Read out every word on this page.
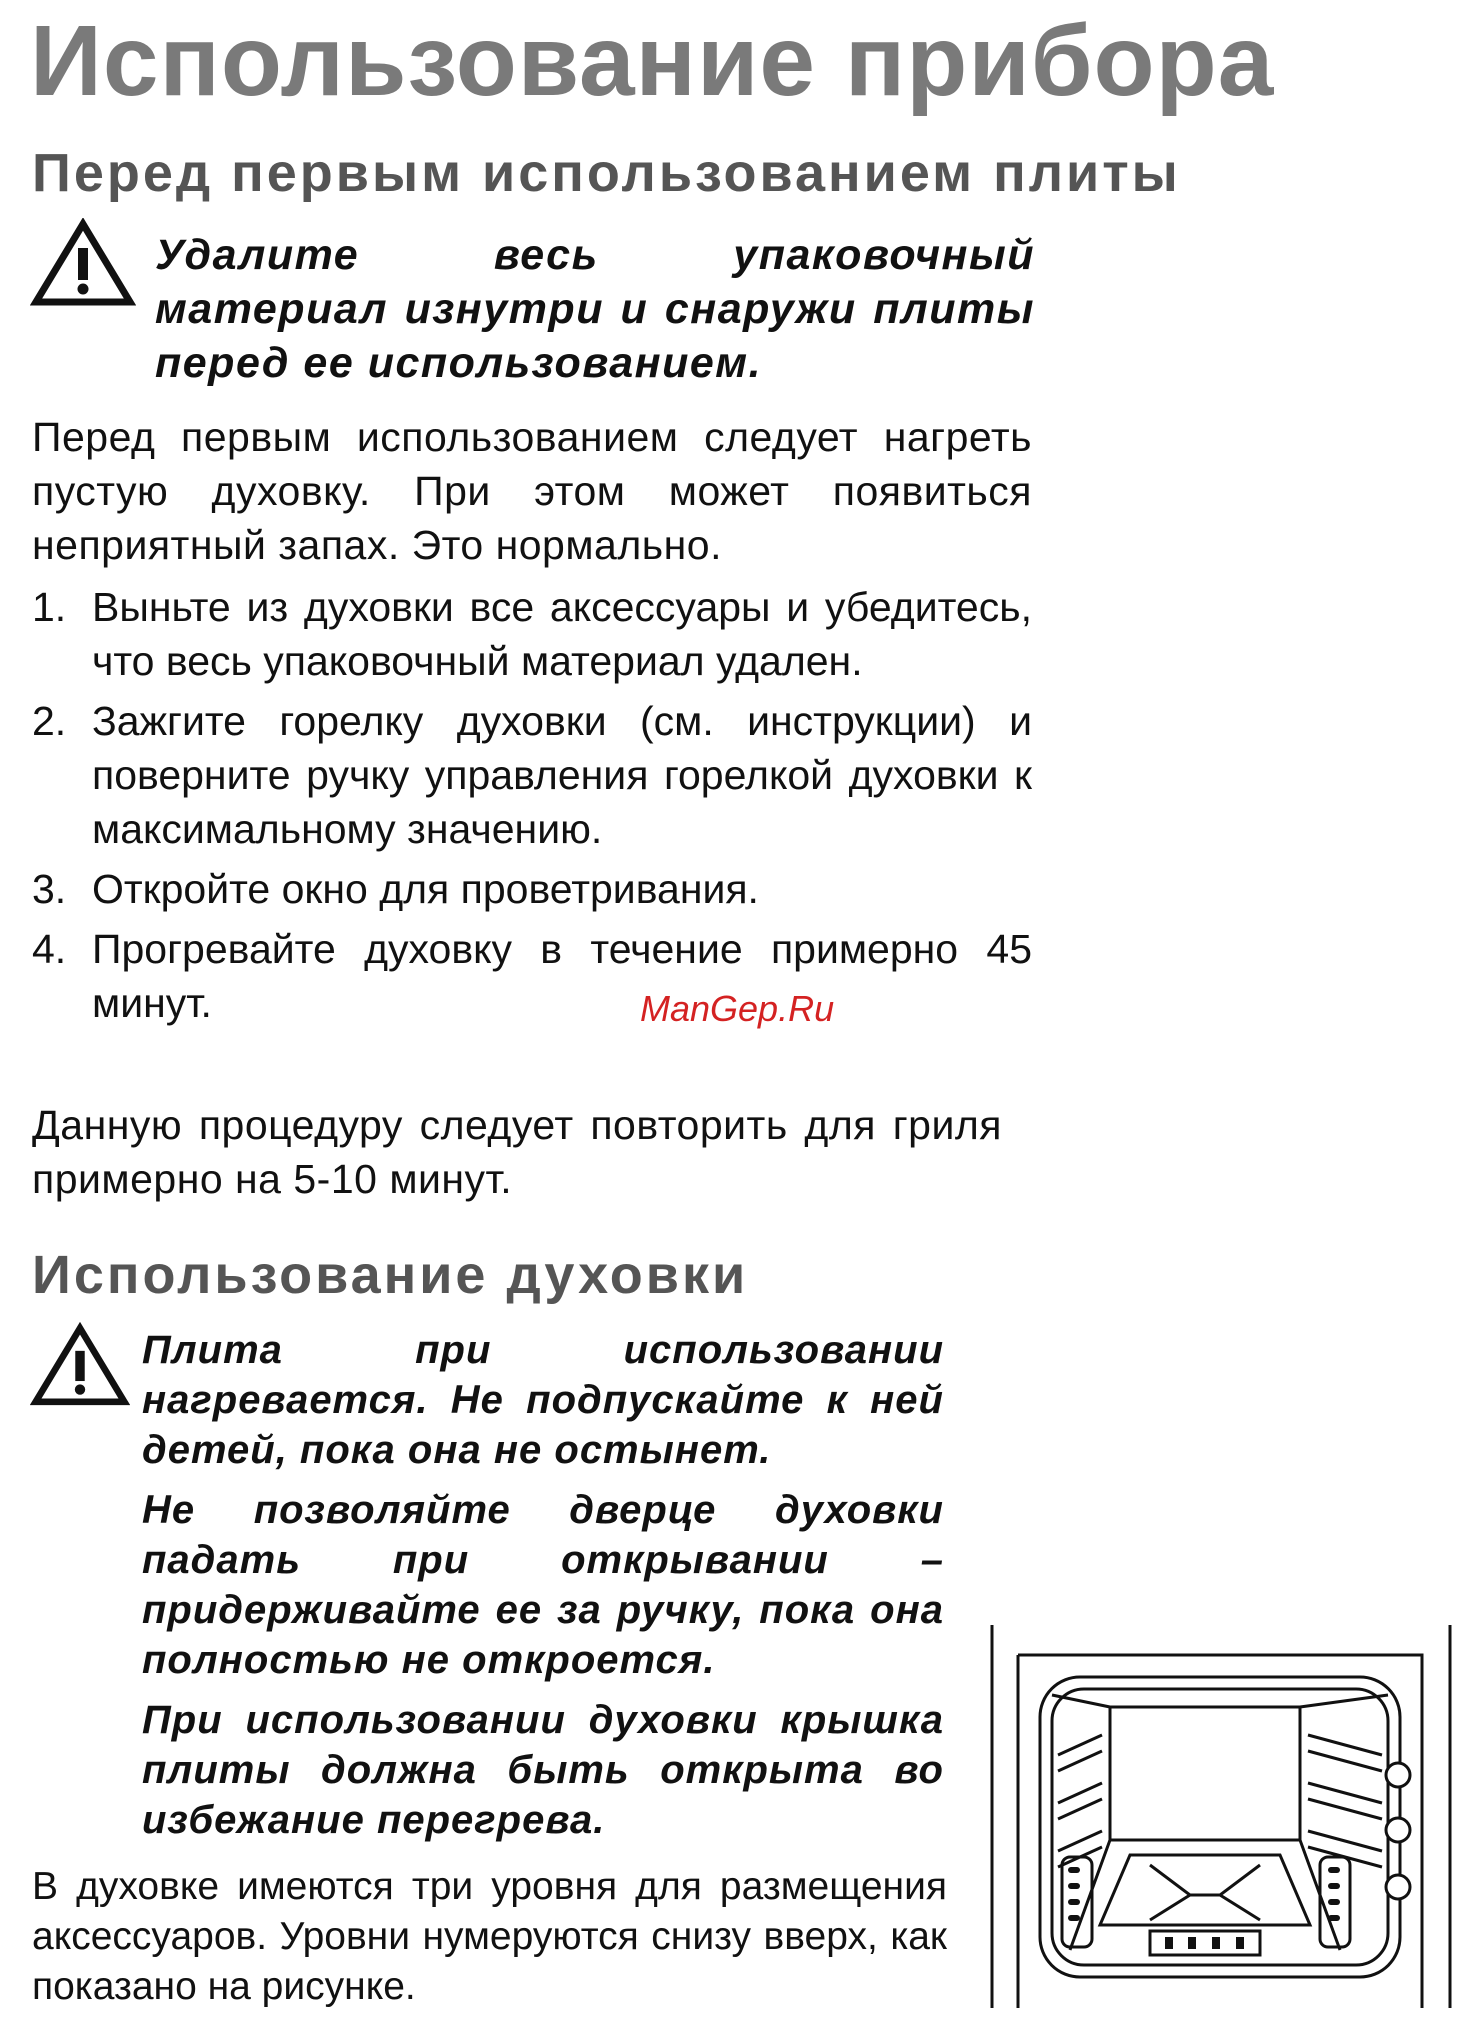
Использование прибора
Перед первым использованием плиты

Удалите весь упаковочный материал изнутри и снаружи плиты перед ее использованием.

Перед первым использованием следует нагреть пустую духовку. При этом может появиться неприятный запах. Это нормально.

1. Выньте из духовки все аксессуары и убедитесь, что весь упаковочный материал удален.
2. Зажгите горелку духовки (см. инструкции) и поверните ручку управления горелкой духовки к максимальному значению.
3. Откройте окно для проветривания.
4. Прогревайте духовку в течение примерно 45 минут.	ManGep.Ru

Данную процедуру следует повторить для гриля примерно на 5-10 минут.

Использование духовки

Плита при использовании нагревается. Не подпускайте к ней детей, пока она не остынет.

Не позволяйте дверце духовки падать при открывании – придерживайте ее за ручку, пока она полностью не откроется.

При использовании духовки крышка плиты должна быть открыта во избежание перегрева.

В духовке имеются три уровня для размещения аксессуаров. Уровни нумеруются снизу вверх, как показано на рисунке.
